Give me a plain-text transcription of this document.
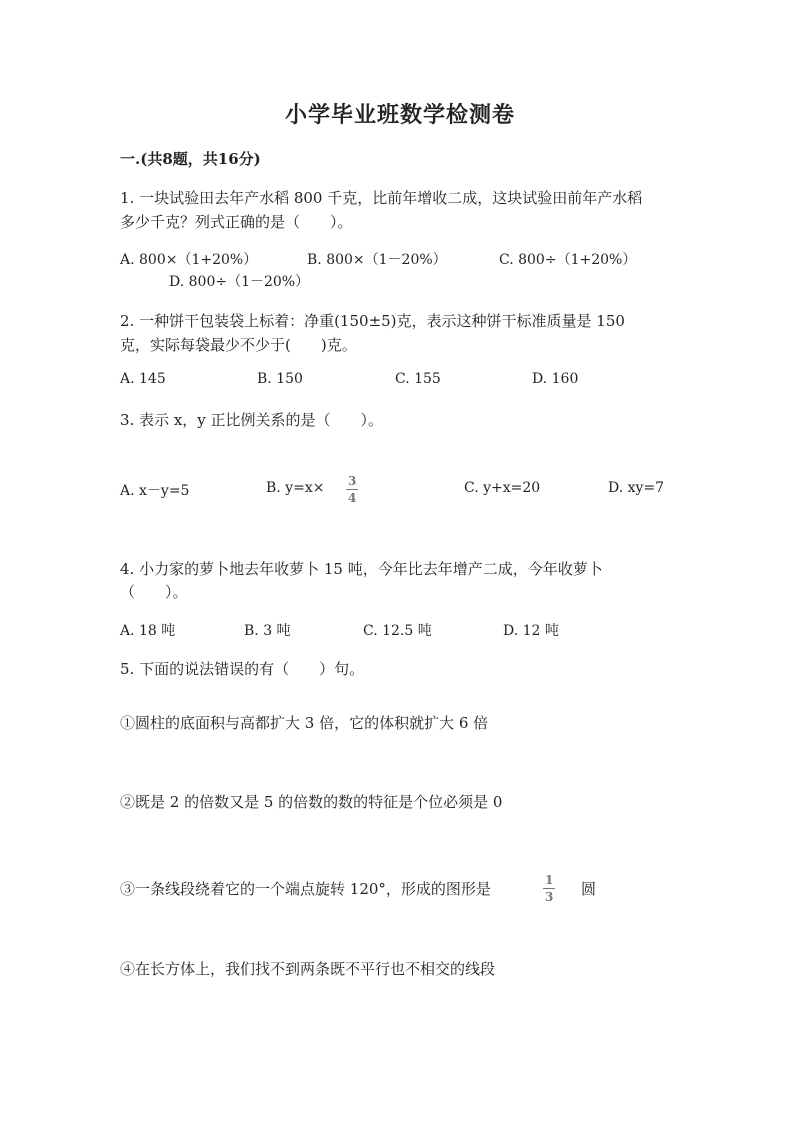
小学毕业班数学检测卷
一.(共8题，共16分)
1. 一块试验田去年产水稻 800 千克，比前年增收二成，这块试验田前年产水稻
多少千克？列式正确的是（　　）。
A. 800×（1+20%）	B. 800×（1－20%）	C. 800÷（1+20%）
D. 800÷（1－20%）
2. 一种饼干包装袋上标着：净重(150±5)克，表示这种饼干标准质量是 150
克，实际每袋最少不少于(　　)克。
A. 145	B. 150	C. 155	D. 160
3. 表示 x，y 正比例关系的是（　　）。
A. x－y=5	B. $y=x\times \frac{3}{4}$	C. y+x=20	D. xy=7
4. 小力家的萝卜地去年收萝卜 15 吨，今年比去年增产二成，今年收萝卜
（　　）。
A. 18 吨	B. 3 吨	C. 12.5 吨	D. 12 吨
5. 下面的说法错误的有（　　）句。
①圆柱的底面积与高都扩大 3 倍，它的体积就扩大 6 倍
②既是 2 的倍数又是 5 的倍数的数的特征是个位必须是 0
③一条线段绕着它的一个端点旋转 120°，形成的图形是	$\frac{1}{3}$ 圆
④在长方体上，我们找不到两条既不平行也不相交的线段
